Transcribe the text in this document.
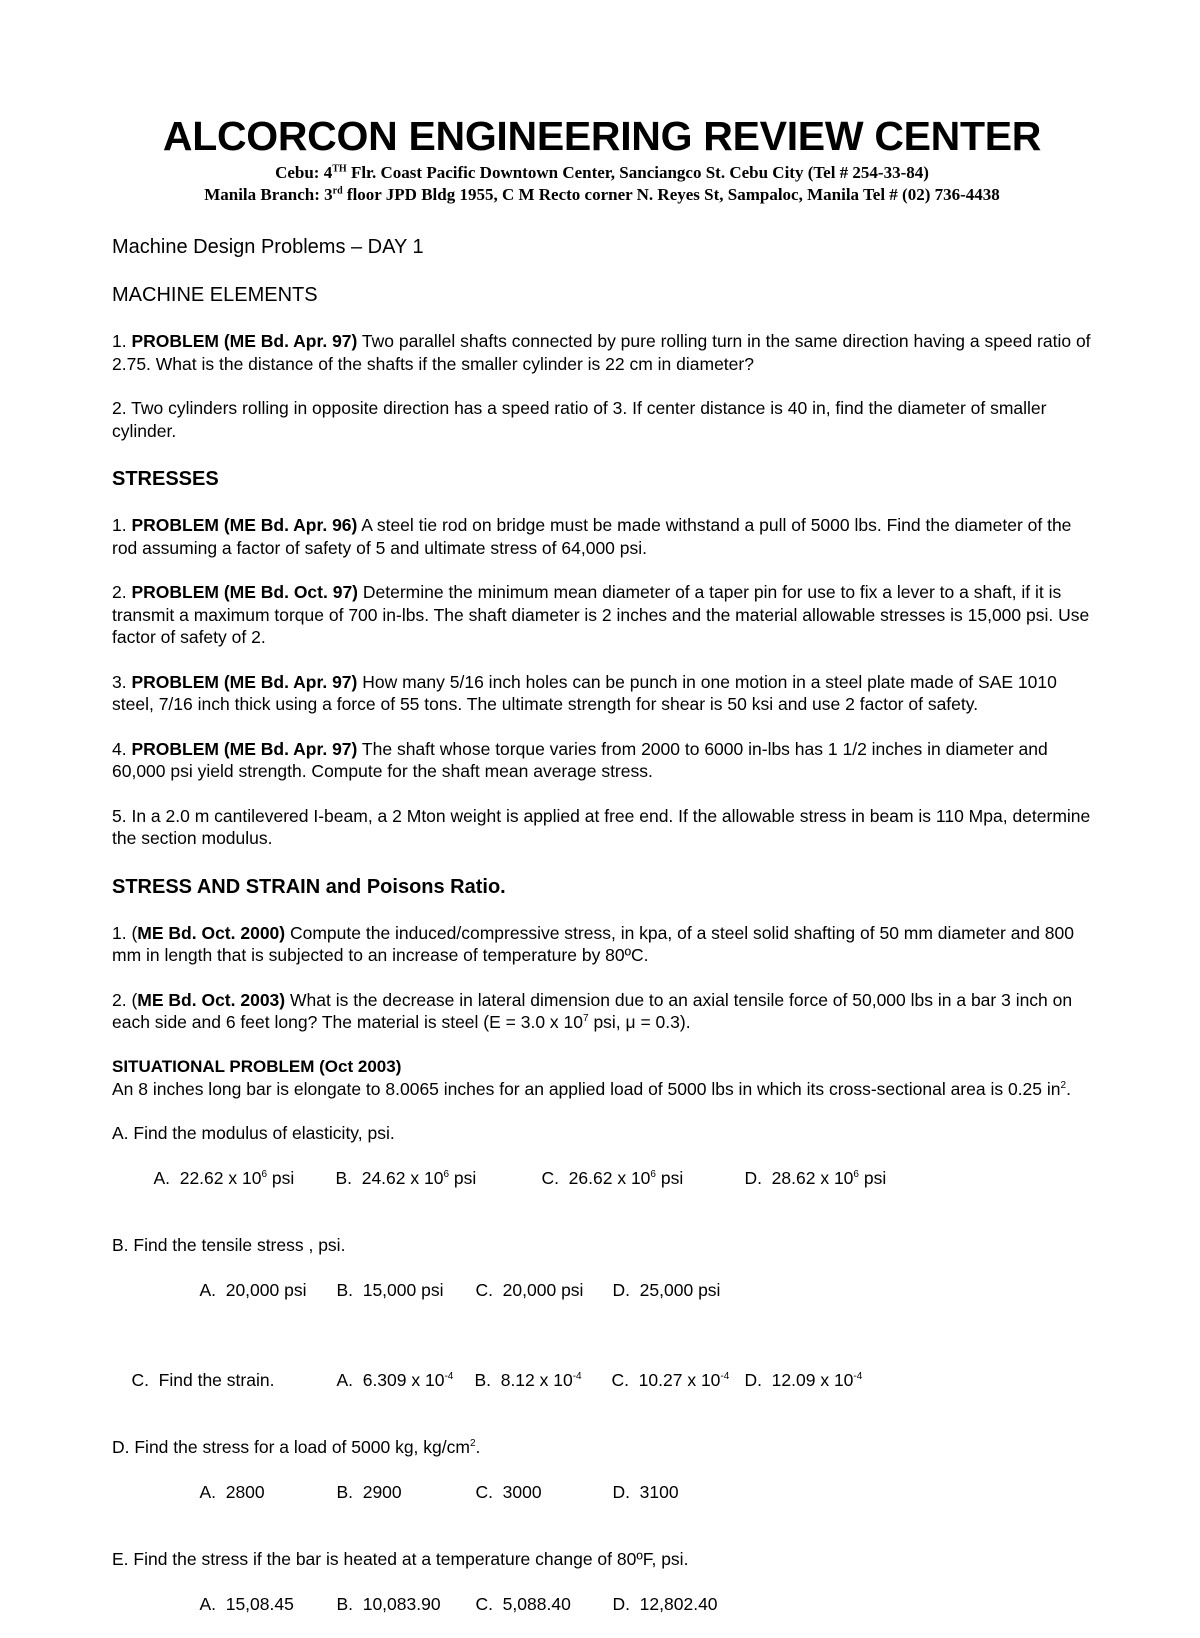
ALCORCON ENGINEERING REVIEW CENTER

Cebu: 4TH Flr. Coast Pacific Downtown Center, Sanciangco St. Cebu City (Tel # 254-33-84)

Manila Branch: 3rd floor JPD Bldg 1955, C M Recto corner N. Reyes St, Sampaloc, Manila Tel # (02) 736-4438

Machine Design Problems – DAY 1
MACHINE ELEMENTS

1. PROBLEM (ME Bd. Apr. 97) Two parallel shafts connected by pure rolling turn in the same direction having a speed ratio of 2.75. What is the distance of the shafts if the smaller cylinder is 22 cm in diameter?

2. Two cylinders rolling in opposite direction has a speed ratio of 3. If center distance is 40 in, find the diameter of smaller cylinder.

STRESSES

1. PROBLEM (ME Bd. Apr. 96) A steel tie rod on bridge must be made withstand a pull of 5000 lbs. Find the diameter of the rod assuming a factor of safety of 5 and ultimate stress of 64,000 psi.

2. PROBLEM (ME Bd. Oct. 97) Determine the minimum mean diameter of a taper pin for use to fix a lever to a shaft, if it is transmit a maximum torque of 700 in-lbs. The shaft diameter is 2 inches and the material allowable stresses is 15,000 psi. Use factor of safety of 2.

3. PROBLEM (ME Bd. Apr. 97) How many 5/16 inch holes can be punch in one motion in a steel plate made of SAE 1010 steel, 7/16 inch thick using a force of 55 tons. The ultimate strength for shear is 50 ksi and use 2 factor of safety.

4. PROBLEM (ME Bd. Apr. 97) The shaft whose torque varies from 2000 to 6000 in-lbs has 1 1/2 inches in diameter and 60,000 psi yield strength. Compute for the shaft mean average stress.

5. In a 2.0 m cantilevered I-beam, a 2 Mton weight is applied at free end. If the allowable stress in beam is 110 Mpa, determine the section modulus.

STRESS AND STRAIN and Poisons Ratio.

1. (ME Bd. Oct. 2000) Compute the induced/compressive stress, in kpa, of a steel solid shafting of 50 mm diameter and 800 mm in length that is subjected to an increase of temperature by 80ºC.

2. (ME Bd. Oct. 2003) What is the decrease in lateral dimension due to an axial tensile force of 50,000 lbs in a bar 3 inch on each side and 6 feet long? The material is steel (E = 3.0 x $10^7$ psi, μ = 0.3).

SITUATIONAL PROBLEM (Oct 2003)

An 8 inches long bar is elongate to 8.0065 inches for an applied load of 5000 lbs in which its cross-sectional area is 0.25 $in^2$.

A. Find the modulus of elasticity, psi.

A.  22.62 x $10^6$ psi B.  24.62 x $10^6$ psi	C.  26.62 x $10^6$ psi	D.  28.62 x $10^6$ psi

B. Find the tensile stress , psi.

A.  20,000 psi B.  15,000 psi C.  20,000 psi D.  25,000 psi

C.  Find the strain.	A.  6.309 x $10^{-4}$ B.  8.12 x $10^{-4}$ C.  10.27 x $10^{-4}$ D.  12.09 x $10^{-4}$

D. Find the stress for a load of 5000 kg, $kg/cm^2$.

A.  2800	B.  2900	C.  3000	D.  3100

E. Find the stress if the bar is heated at a temperature change of 80ºF, psi.

A.  15,08.45 B.  10,083.90 C.  5,088.40 D.  12,802.40
